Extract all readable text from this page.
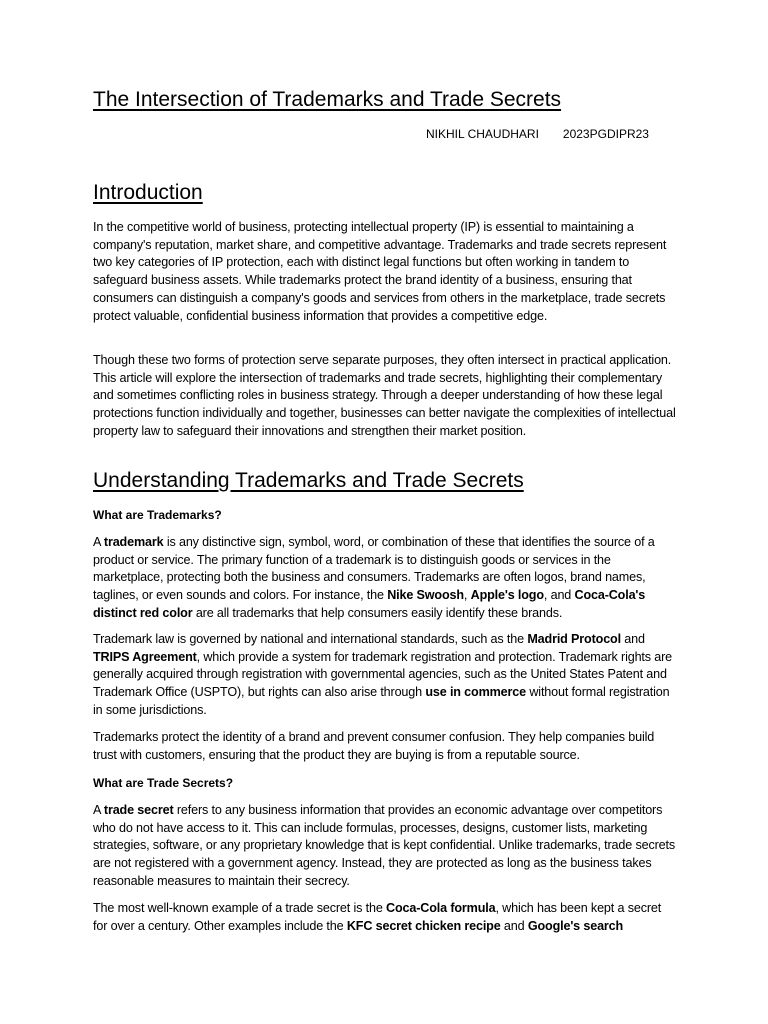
The Intersection of Trademarks and Trade Secrets
NIKHIL CHAUDHARI 2023PGDIPR23
Introduction

In the competitive world of business, protecting intellectual property (IP) is essential to maintaining a company's reputation, market share, and competitive advantage. Trademarks and trade secrets represent two key categories of IP protection, each with distinct legal functions but often working in tandem to safeguard business assets. While trademarks protect the brand identity of a business, ensuring that consumers can distinguish a company's goods and services from others in the marketplace, trade secrets protect valuable, confidential business information that provides a competitive edge.

Though these two forms of protection serve separate purposes, they often intersect in practical application. This article will explore the intersection of trademarks and trade secrets, highlighting their complementary and sometimes conflicting roles in business strategy. Through a deeper understanding of how these legal protections function individually and together, businesses can better navigate the complexities of intellectual property law to safeguard their innovations and strengthen their market position.

Understanding Trademarks and Trade Secrets
What are Trademarks?

A trademark is any distinctive sign, symbol, word, or combination of these that identifies the source of a product or service. The primary function of a trademark is to distinguish goods or services in the marketplace, protecting both the business and consumers. Trademarks are often logos, brand names, taglines, or even sounds and colors. For instance, the Nike Swoosh, Apple's logo, and Coca-Cola's distinct red color are all trademarks that help consumers easily identify these brands.

Trademark law is governed by national and international standards, such as the Madrid Protocol and TRIPS Agreement, which provide a system for trademark registration and protection. Trademark rights are generally acquired through registration with governmental agencies, such as the United States Patent and Trademark Office (USPTO), but rights can also arise through use in commerce without formal registration in some jurisdictions.

Trademarks protect the identity of a brand and prevent consumer confusion. They help companies build trust with customers, ensuring that the product they are buying is from a reputable source.

What are Trade Secrets?

A trade secret refers to any business information that provides an economic advantage over competitors who do not have access to it. This can include formulas, processes, designs, customer lists, marketing strategies, software, or any proprietary knowledge that is kept confidential. Unlike trademarks, trade secrets are not registered with a government agency. Instead, they are protected as long as the business takes reasonable measures to maintain their secrecy.

The most well-known example of a trade secret is the Coca-Cola formula, which has been kept a secret for over a century. Other examples include the KFC secret chicken recipe and Google's search
